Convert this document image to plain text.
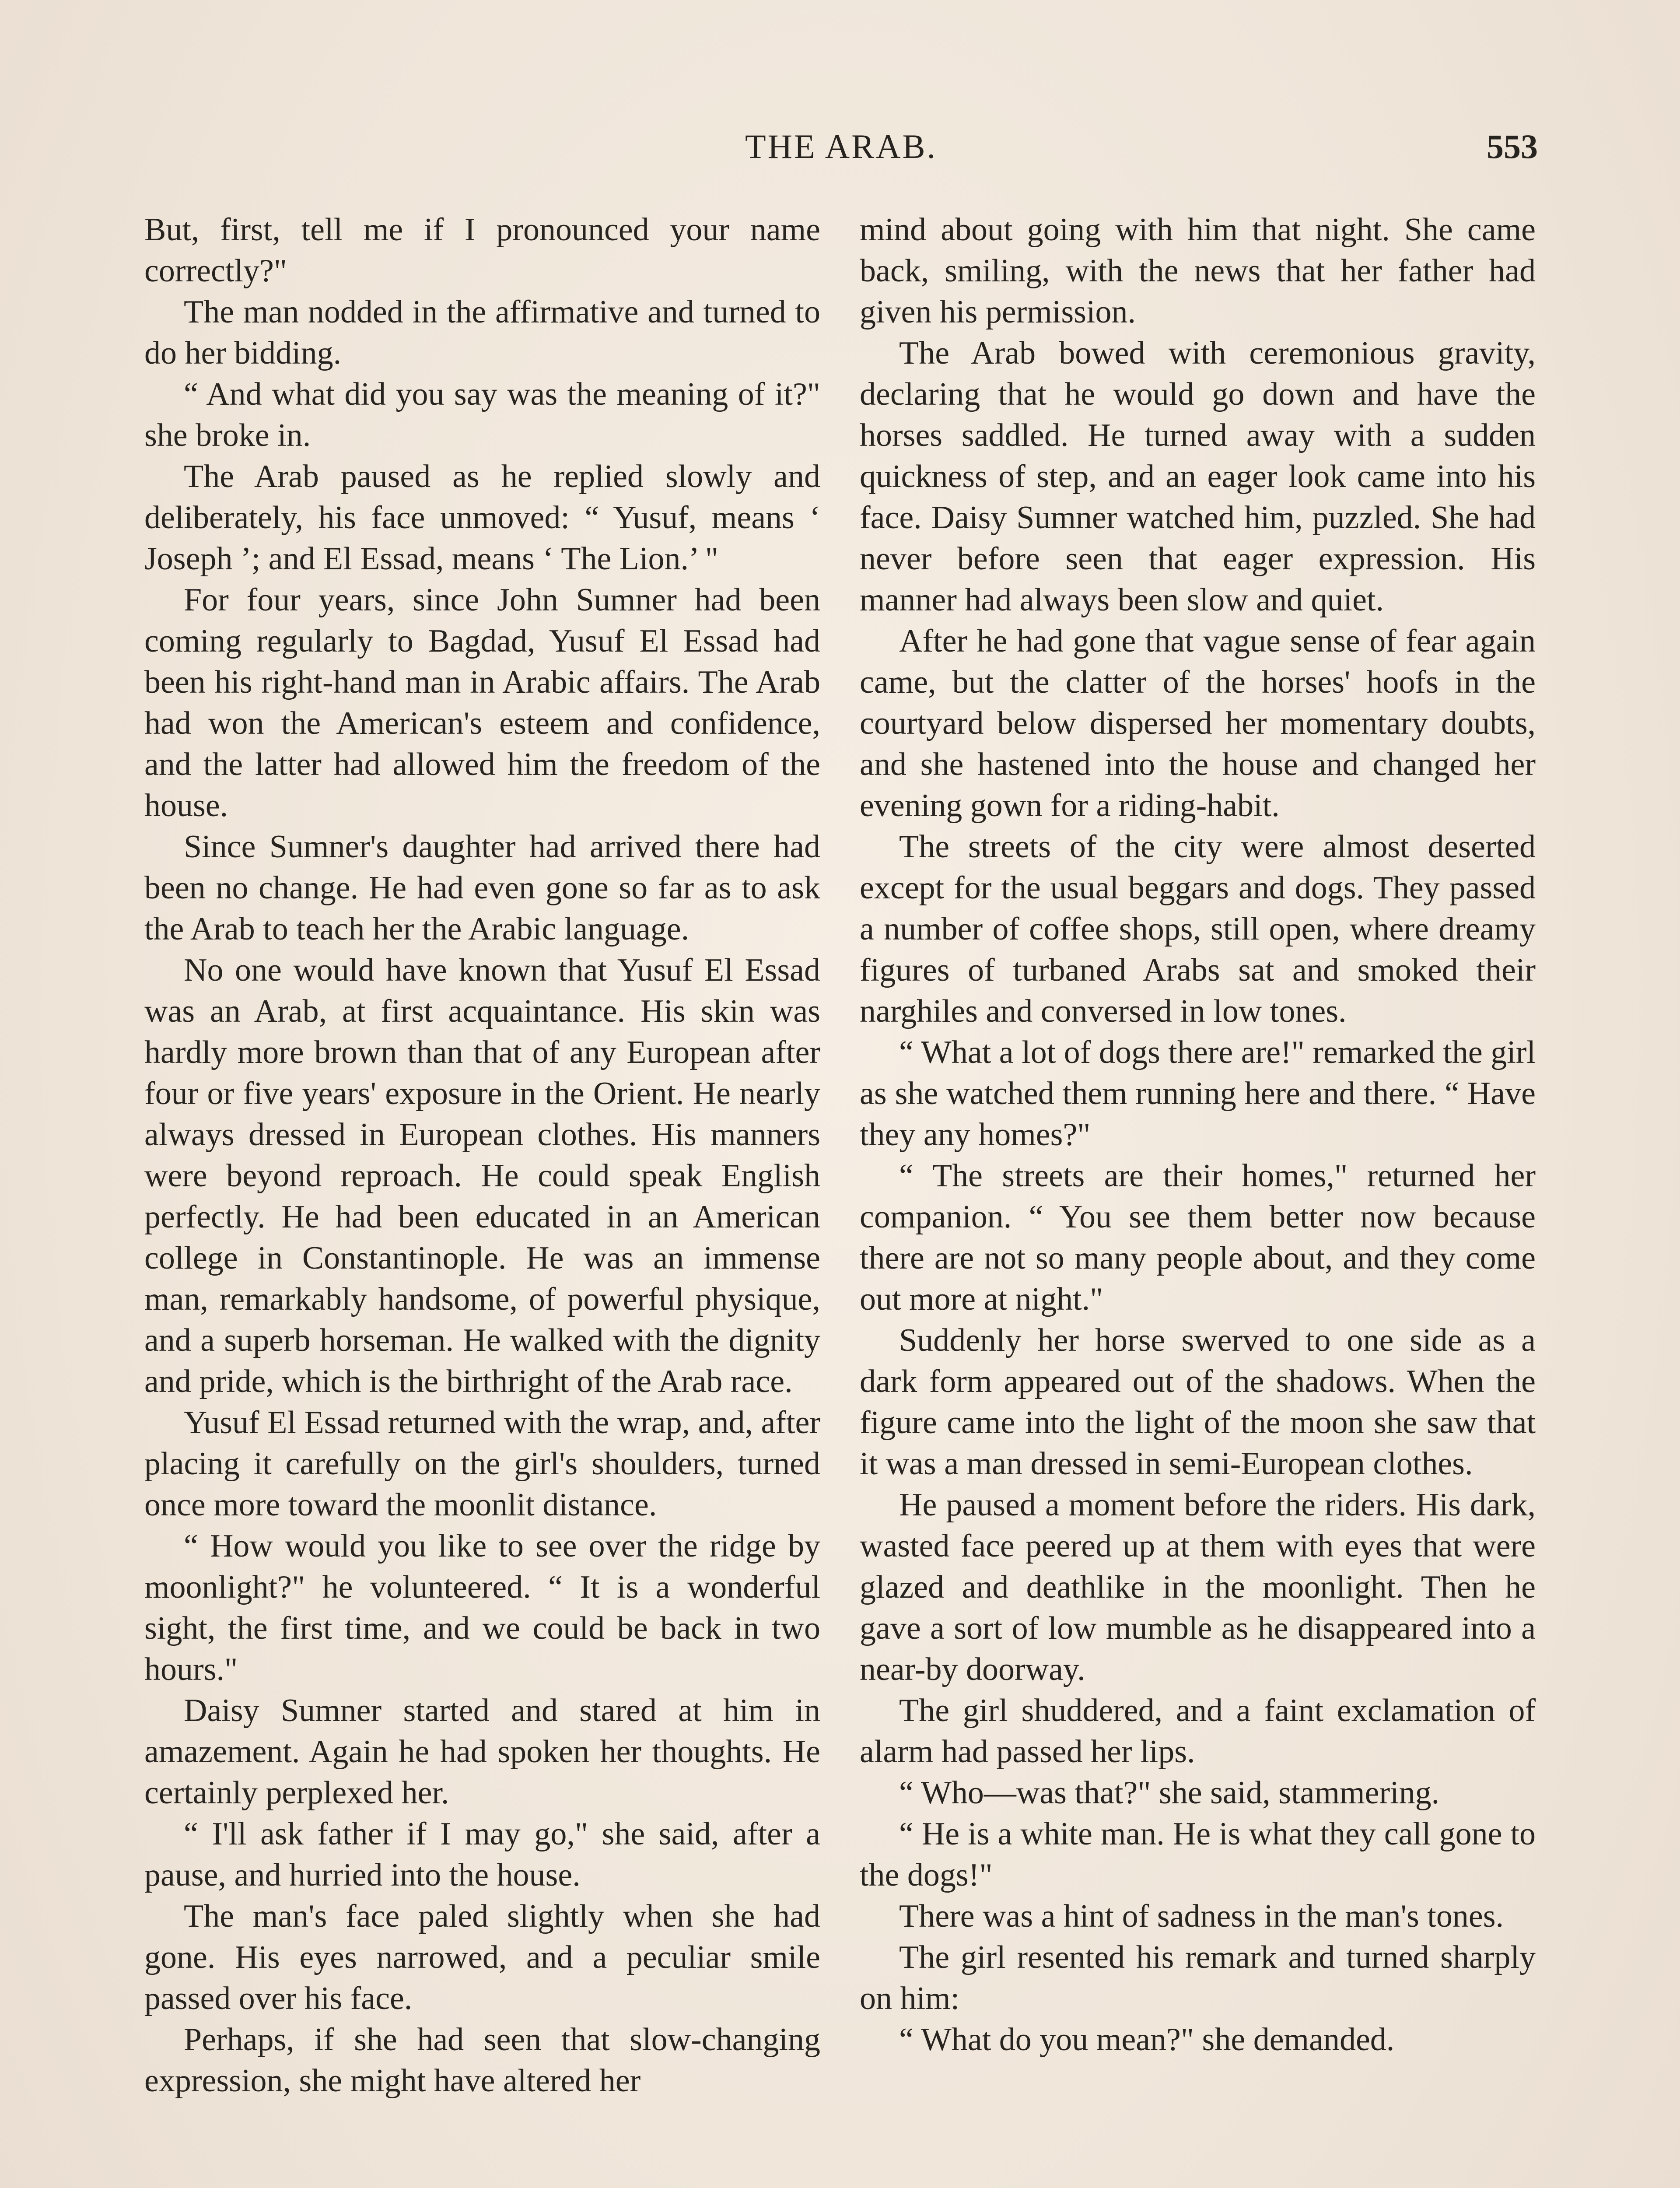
THE ARAB.	553

But, first, tell me if I pronounced your name correctly?"

The man nodded in the affirmative and turned to do her bidding.

“ And what did you say was the meaning of it?" she broke in.

The Arab paused as he replied slowly and deliberately, his face unmoved: “ Yusuf, means ‘ Joseph ’; and El Essad, means ‘ The Lion.’ "

For four years, since John Sumner had been coming regularly to Bagdad, Yusuf El Essad had been his right-hand man in Arabic affairs. The Arab had won the American's esteem and confidence, and the latter had allowed him the freedom of the house.

Since Sumner's daughter had arrived there had been no change. He had even gone so far as to ask the Arab to teach her the Arabic language.

No one would have known that Yusuf El Essad was an Arab, at first acquaintance. His skin was hardly more brown than that of any European after four or five years' exposure in the Orient. He nearly always dressed in European clothes. His manners were beyond reproach. He could speak English perfectly. He had been educated in an American college in Constantinople. He was an immense man, remarkably handsome, of powerful physique, and a superb horseman. He walked with the dignity and pride, which is the birthright of the Arab race.

Yusuf El Essad returned with the wrap, and, after placing it carefully on the girl's shoulders, turned once more toward the moonlit distance.

“ How would you like to see over the ridge by moonlight?" he volunteered. “ It is a wonderful sight, the first time, and we could be back in two hours."

Daisy Sumner started and stared at him in amazement. Again he had spoken her thoughts. He certainly perplexed her.

“ I'll ask father if I may go," she said, after a pause, and hurried into the house.

The man's face paled slightly when she had gone. His eyes narrowed, and a peculiar smile passed over his face.

Perhaps, if she had seen that slow-changing expression, she might have altered her

mind about going with him that night. She came back, smiling, with the news that her father had given his permission.

The Arab bowed with ceremonious gravity, declaring that he would go down and have the horses saddled. He turned away with a sudden quickness of step, and an eager look came into his face. Daisy Sumner watched him, puzzled. She had never before seen that eager expression. His manner had always been slow and quiet.

After he had gone that vague sense of fear again came, but the clatter of the horses' hoofs in the courtyard below dispersed her momentary doubts, and she hastened into the house and changed her evening gown for a riding-habit.

The streets of the city were almost deserted except for the usual beggars and dogs. They passed a number of coffee shops, still open, where dreamy figures of turbaned Arabs sat and smoked their narghiles and conversed in low tones.

“ What a lot of dogs there are!" remarked the girl as she watched them running here and there. “ Have they any homes?"

“ The streets are their homes," returned her companion. “ You see them better now because there are not so many people about, and they come out more at night."

Suddenly her horse swerved to one side as a dark form appeared out of the shadows. When the figure came into the light of the moon she saw that it was a man dressed in semi-European clothes.

He paused a moment before the riders. His dark, wasted face peered up at them with eyes that were glazed and deathlike in the moonlight. Then he gave a sort of low mumble as he disappeared into a near-by doorway.

The girl shuddered, and a faint exclamation of alarm had passed her lips.

“ Who—was that?" she said, stammering.

“ He is a white man. He is what they call gone to the dogs!"

There was a hint of sadness in the man's tones.

The girl resented his remark and turned sharply on him:

“ What do you mean?" she demanded.
